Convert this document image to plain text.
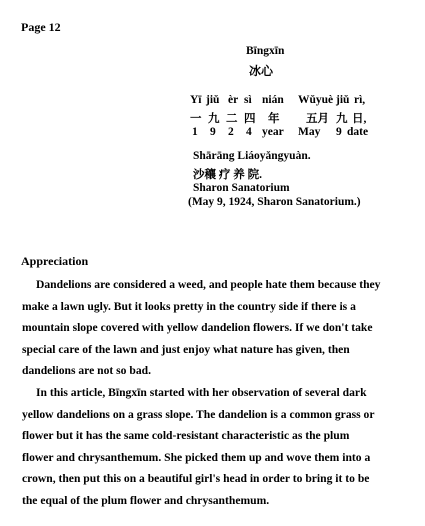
Page 12
Bīngxīn
冰心
Yī jiǔ èr sì nián Wǔyuè jiǔ rì,
一 九 二 四 年 五月 九 日,
1 9 2 4 year May 9 date
Shārāng Liáoyǎngyuàn.
沙穰 疗 养 院.
Sharon Sanatorium
(May 9, 1924, Sharon Sanatorium.)
Appreciation
Dandelions are considered a weed, and people hate them because they
make a lawn ugly. But it looks pretty in the country side if there is a
mountain slope covered with yellow dandelion flowers. If we don't take
special care of the lawn and just enjoy what nature has given, then
dandelions are not so bad.
In this article, Bīngxīn started with her observation of several dark
yellow dandelions on a grass slope. The dandelion is a common grass or
flower but it has the same cold-resistant characteristic as the plum
flower and chrysanthemum. She picked them up and wove them into a
crown, then put this on a beautiful girl's head in order to bring it to be
the equal of the plum flower and chrysanthemum.
